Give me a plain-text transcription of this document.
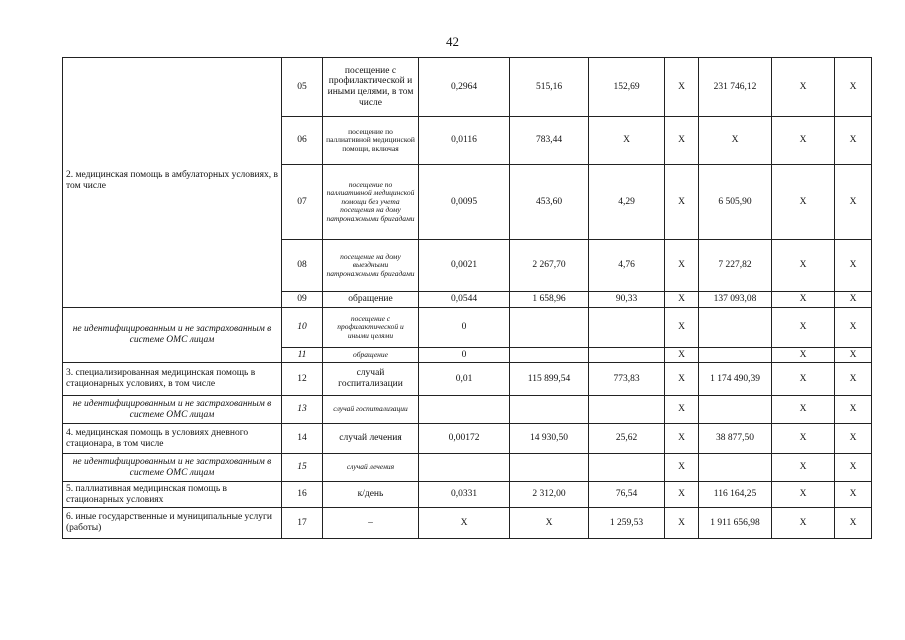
42
2. медицинская помощь в амбулаторных условиях, в том числе	05	посещение с профилактической и иными целями, в том числе	0,2964	515,16	152,69	Х	231 746,12	Х	Х
	06	посещение по паллиативной медицинской помощи, включая	0,0116	783,44	Х	Х	Х	Х	Х
	07	посещение по паллиативной медицинской помощи без учета посещения на дому патронажными бригадами	0,0095	453,60	4,29	Х	6 505,90	Х	Х
	08	посещение на дому выездными патронажными бригадами	0,0021	2 267,70	4,76	Х	7 227,82	Х	Х
	09	обращение	0,0544	1 658,96	90,33	Х	137 093,08	Х	Х
не идентифицированным и не застрахованным в системе ОМС лицам	10	посещение с профилактической и иными целями	0			Х		Х	Х
	11	обращение	0			Х		Х	Х
3. специализированная медицинская помощь в стационарных условиях, в том числе	12	случай госпитализации	0,01	115 899,54	773,83	Х	1 174 490,39	Х	Х
не идентифицированным и не застрахованным в системе ОМС лицам	13	случай госпитализации				Х		Х	Х
4. медицинская помощь в условиях дневного стационара, в том числе	14	случай лечения	0,00172	14 930,50	25,62	Х	38 877,50	Х	Х
не идентифицированным и не застрахованным в системе ОМС лицам	15	случай лечения				Х		Х	Х
5. паллиативная медицинская помощь в стационарных условиях	16	к/день	0,0331	2 312,00	76,54	Х	116 164,25	Х	Х
6. иные государственные и муниципальные услуги (работы)	17	–	Х	Х	1 259,53	Х	1 911 656,98	Х	Х
